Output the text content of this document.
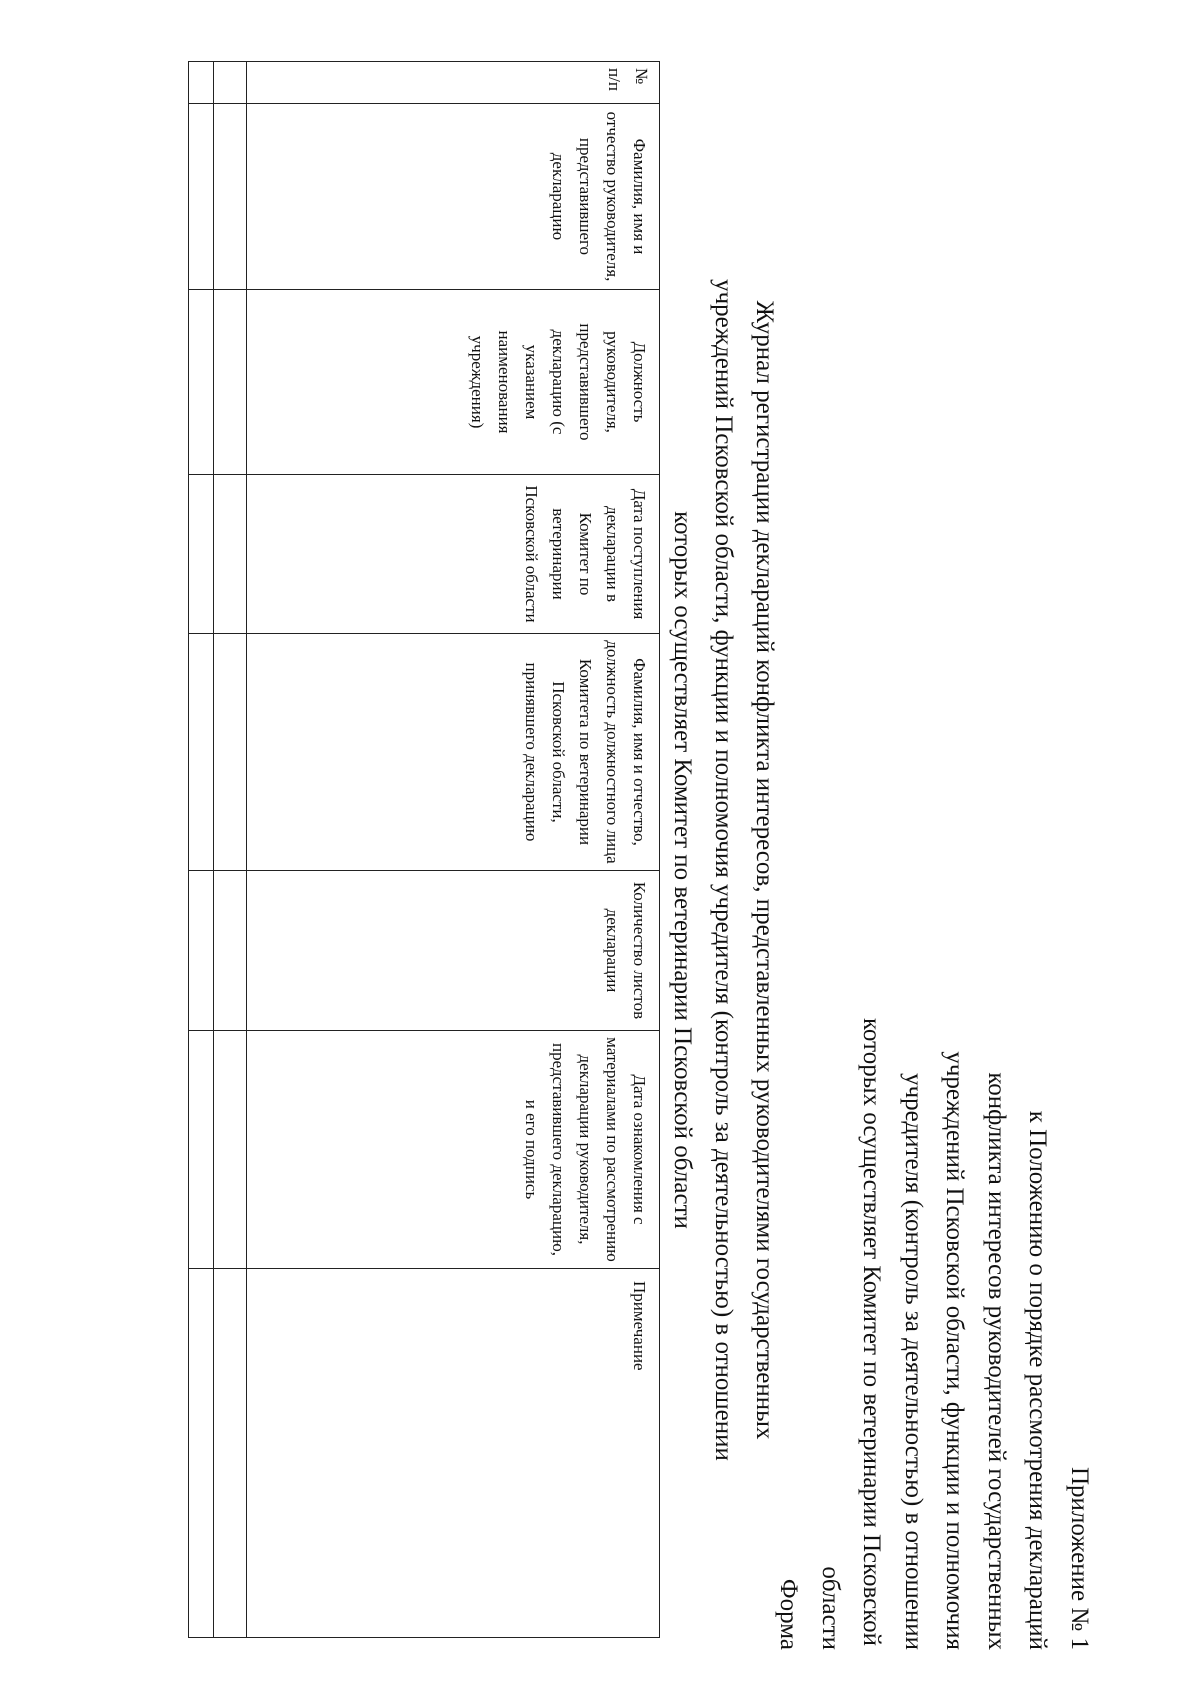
Приложение № 1
к Положению о порядке рассмотрения деклараций
конфликта интересов руководителей государственных
учреждений Псковской области, функции и полномочия
учредителя (контроль за деятельностью) в отношении
которых осуществляет Комитет по ветеринарии Псковской
области
Форма
Журнал регистрации деклараций конфликта интересов, представленных руководителями государственных
учреждений Псковской области, функции и полномочия учредителя (контроль за деятельностью) в отношении
которых осуществляет Комитет по ветеринарии Псковской области
№ п/п	Фамилия, имя и отчество руководителя, представившего декларацию	Должность руководителя, представившего декларацию (с указанием наименования учреждения)	Дата поступления декларации в Комитет по ветеринарии Псковской области	Фамилия, имя и отчество, должность должностного лица Комитета по ветеринарии Псковской области, принявшего декларацию	Количество листов декларации	Дата ознакомления с материалами по рассмотрению декларации руководителя, представившего декларацию, и его подпись	Примечание
